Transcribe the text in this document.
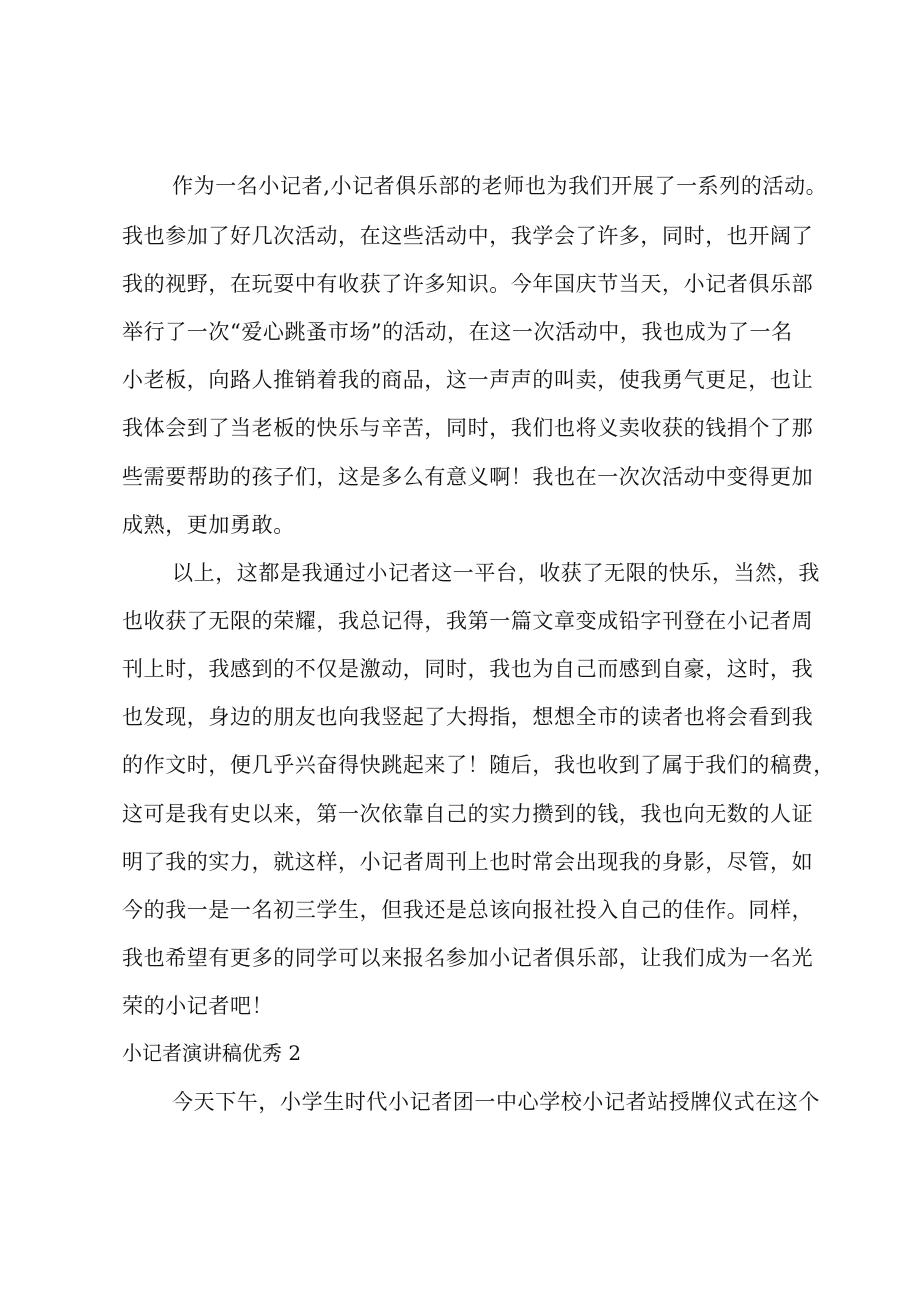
作为一名小记者,小记者俱乐部的老师也为我们开展了一系列的活动。
我也参加了好几次活动，在这些活动中，我学会了许多，同时，也开阔了
我的视野，在玩耍中有收获了许多知识。今年国庆节当天，小记者俱乐部
举行了一次“爱心跳蚤市场”的活动，在这一次活动中，我也成为了一名
小老板，向路人推销着我的商品，这一声声的叫卖，使我勇气更足，也让
我体会到了当老板的快乐与辛苦，同时，我们也将义卖收获的钱捐个了那
些需要帮助的孩子们，这是多么有意义啊！我也在一次次活动中变得更加
成熟，更加勇敢。
以上，这都是我通过小记者这一平台，收获了无限的快乐，当然，我
也收获了无限的荣耀，我总记得，我第一篇文章变成铅字刊登在小记者周
刊上时，我感到的不仅是激动，同时，我也为自己而感到自豪，这时，我
也发现，身边的朋友也向我竖起了大拇指，想想全市的读者也将会看到我
的作文时，便几乎兴奋得快跳起来了！随后，我也收到了属于我们的稿费，
这可是我有史以来，第一次依靠自己的实力攒到的钱，我也向无数的人证
明了我的实力，就这样，小记者周刊上也时常会出现我的身影，尽管，如
今的我一是一名初三学生，但我还是总该向报社投入自己的佳作。同样，
我也希望有更多的同学可以来报名参加小记者俱乐部，让我们成为一名光
荣的小记者吧！
小记者演讲稿优秀 2
今天下午，小学生时代小记者团一中心学校小记者站授牌仪式在这个
